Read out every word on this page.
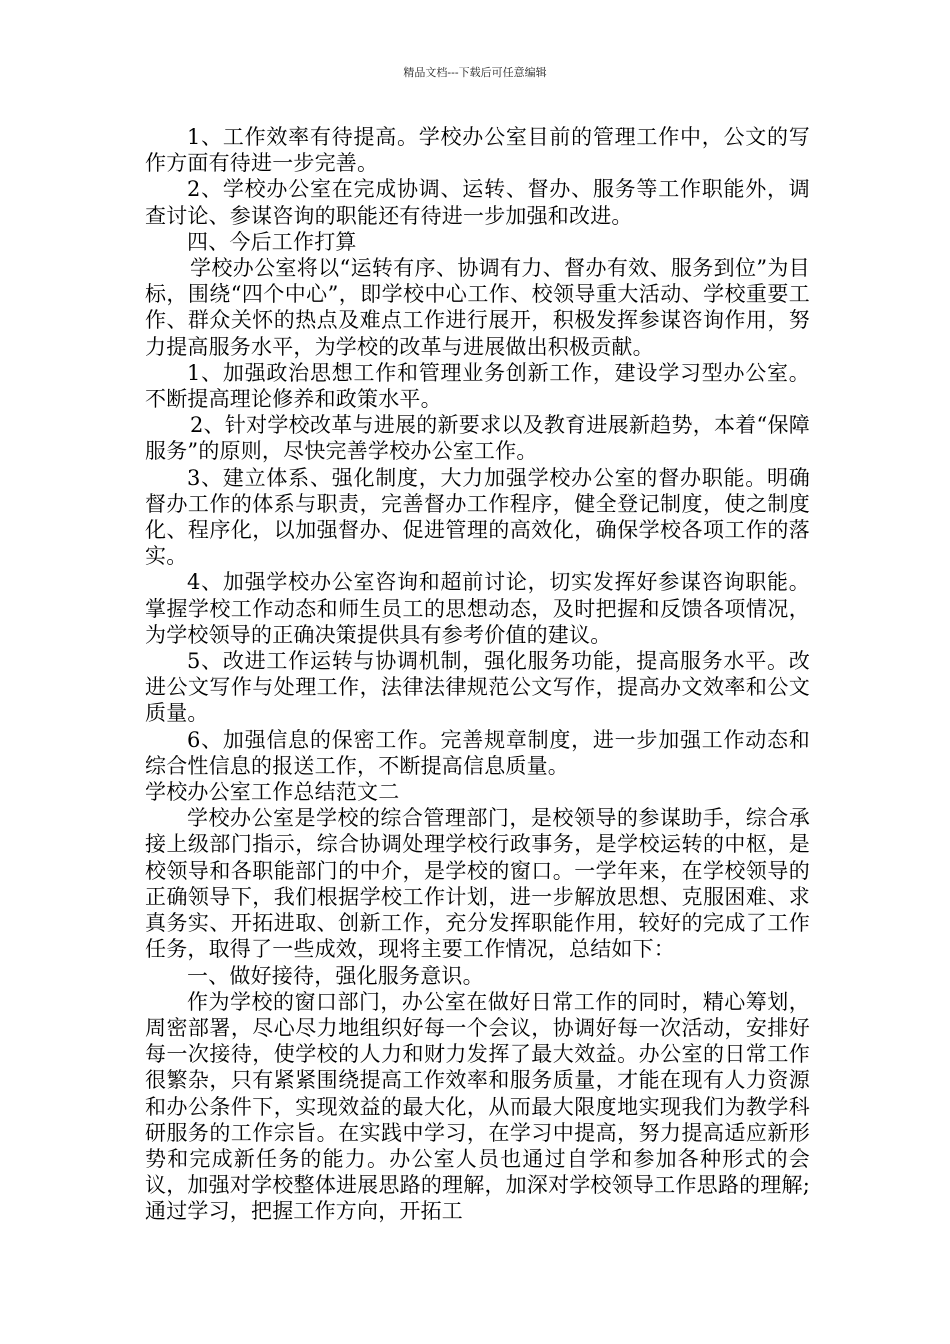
精品文档---下载后可任意编辑

1、工作效率有待提高。学校办公室目前的管理工作中，公文的写作方面有待进一步完善。

2、学校办公室在完成协调、运转、督办、服务等工作职能外，调查讨论、参谋咨询的职能还有待进一步加强和改进。

四、今后工作打算

学校办公室将以“运转有序、协调有力、督办有效、服务到位”为目标，围绕“四个中心”，即学校中心工作、校领导重大活动、学校重要工作、群众关怀的热点及难点工作进行展开，积极发挥参谋咨询作用，努力提高服务水平，为学校的改革与进展做出积极贡献。

1、加强政治思想工作和管理业务创新工作，建设学习型办公室。不断提高理论修养和政策水平。

2、针对学校改革与进展的新要求以及教育进展新趋势，本着“保障服务”的原则，尽快完善学校办公室工作。

3、建立体系、强化制度，大力加强学校办公室的督办职能。明确督办工作的体系与职责，完善督办工作程序，健全登记制度，使之制度化、程序化，以加强督办、促进管理的高效化，确保学校各项工作的落实。

4、加强学校办公室咨询和超前讨论，切实发挥好参谋咨询职能。掌握学校工作动态和师生员工的思想动态，及时把握和反馈各项情况，为学校领导的正确决策提供具有参考价值的建议。

5、改进工作运转与协调机制，强化服务功能，提高服务水平。改进公文写作与处理工作，法律法律规范公文写作，提高办文效率和公文质量。

6、加强信息的保密工作。完善规章制度，进一步加强工作动态和综合性信息的报送工作，不断提高信息质量。

学校办公室工作总结范文二

学校办公室是学校的综合管理部门，是校领导的参谋助手，综合承接上级部门指示，综合协调处理学校行政事务，是学校运转的中枢，是校领导和各职能部门的中介，是学校的窗口。一学年来，在学校领导的正确领导下，我们根据学校工作计划，进一步解放思想、克服困难、求真务实、开拓进取、创新工作，充分发挥职能作用，较好的完成了工作任务，取得了一些成效，现将主要工作情况，总结如下：

一、做好接待，强化服务意识。

作为学校的窗口部门，办公室在做好日常工作的同时，精心筹划，周密部署，尽心尽力地组织好每一个会议，协调好每一次活动，安排好每一次接待，使学校的人力和财力发挥了最大效益。办公室的日常工作很繁杂，只有紧紧围绕提高工作效率和服务质量，才能在现有人力资源和办公条件下，实现效益的最大化，从而最大限度地实现我们为教学科研服务的工作宗旨。在实践中学习，在学习中提高，努力提高适应新形势和完成新任务的能力。办公室人员也通过自学和参加各种形式的会议，加强对学校整体进展思路的理解，加深对学校领导工作思路的理解;通过学习，把握工作方向，开拓工
